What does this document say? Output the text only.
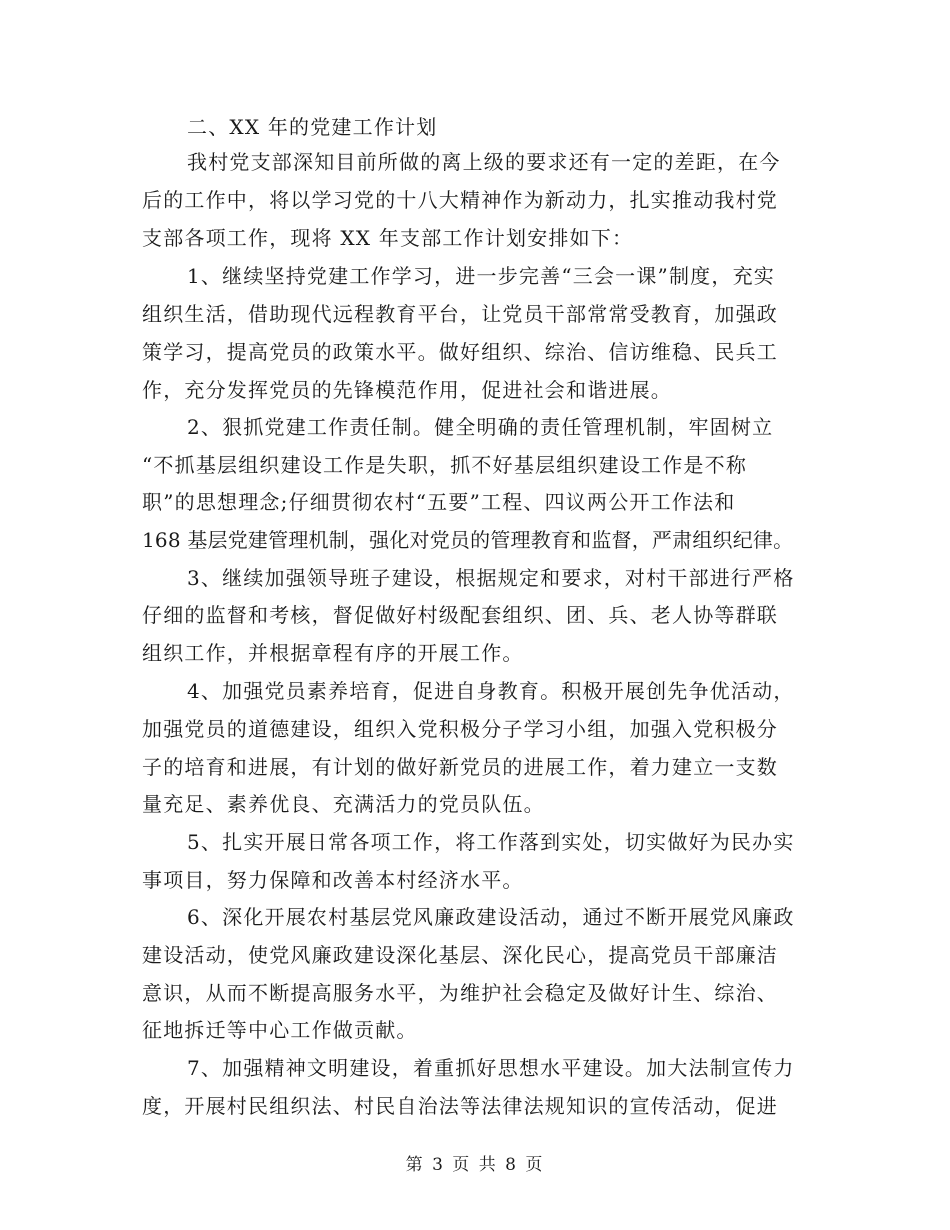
二、XX 年的党建工作计划
我村党支部深知目前所做的离上级的要求还有一定的差距，在今
后的工作中，将以学习党的十八大精神作为新动力，扎实推动我村党
支部各项工作，现将 XX 年支部工作计划安排如下：
1、继续坚持党建工作学习，进一步完善“三会一课”制度，充实
组织生活，借助现代远程教育平台，让党员干部常常受教育，加强政
策学习，提高党员的政策水平。做好组织、综治、信访维稳、民兵工
作，充分发挥党员的先锋模范作用，促进社会和谐进展。
2、狠抓党建工作责任制。健全明确的责任管理机制，牢固树立
“不抓基层组织建设工作是失职，抓不好基层组织建设工作是不称
职”的思想理念;仔细贯彻农村“五要”工程、四议两公开工作法和
168 基层党建管理机制，强化对党员的管理教育和监督，严肃组织纪律。
3、继续加强领导班子建设，根据规定和要求，对村干部进行严格
仔细的监督和考核，督促做好村级配套组织、团、兵、老人协等群联
组织工作，并根据章程有序的开展工作。
4、加强党员素养培育，促进自身教育。积极开展创先争优活动，
加强党员的道德建设，组织入党积极分子学习小组，加强入党积极分
子的培育和进展，有计划的做好新党员的进展工作，着力建立一支数
量充足、素养优良、充满活力的党员队伍。
5、扎实开展日常各项工作，将工作落到实处，切实做好为民办实
事项目，努力保障和改善本村经济水平。
6、深化开展农村基层党风廉政建设活动，通过不断开展党风廉政
建设活动，使党风廉政建设深化基层、深化民心，提高党员干部廉洁
意识，从而不断提高服务水平，为维护社会稳定及做好计生、综治、
征地拆迁等中心工作做贡献。
7、加强精神文明建设，着重抓好思想水平建设。加大法制宣传力
度，开展村民组织法、村民自治法等法律法规知识的宣传活动，促进
第 3 页 共 8 页
